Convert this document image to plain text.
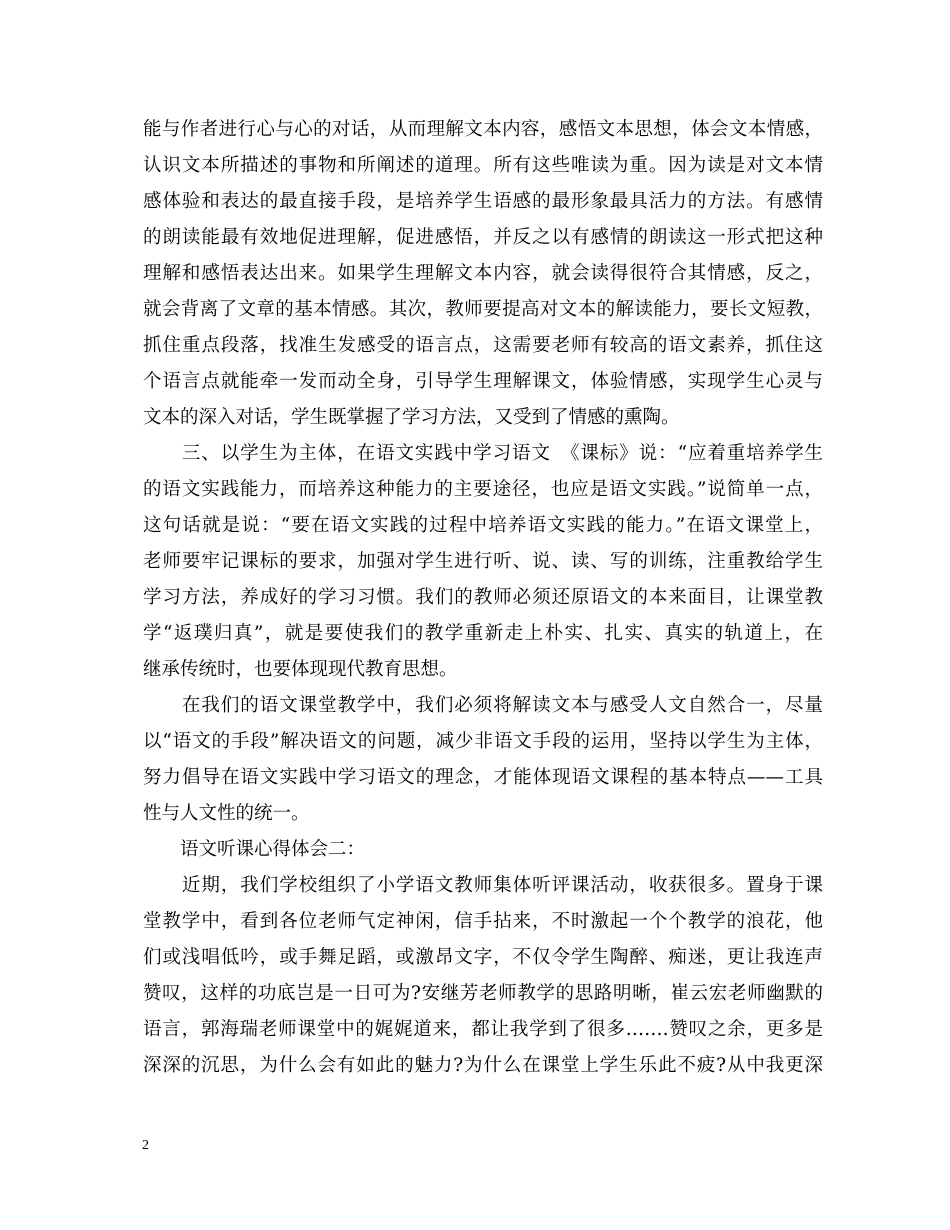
能与作者进行心与心的对话，从而理解文本内容，感悟文本思想，体会文本情感，
认识文本所描述的事物和所阐述的道理。所有这些唯读为重。因为读是对文本情
感体验和表达的最直接手段，是培养学生语感的最形象最具活力的方法。有感情
的朗读能最有效地促进理解，促进感悟，并反之以有感情的朗读这一形式把这种
理解和感悟表达出来。如果学生理解文本内容，就会读得很符合其情感，反之，
就会背离了文章的基本情感。其次，教师要提高对文本的解读能力，要长文短教，
抓住重点段落，找准生发感受的语言点，这需要老师有较高的语文素养，抓住这
个语言点就能牵一发而动全身，引导学生理解课文，体验情感，实现学生心灵与
文本的深入对话，学生既掌握了学习方法，又受到了情感的熏陶。
　　三、以学生为主体，在语文实践中学习语文　《课标》说：“应着重培养学生
的语文实践能力，而培养这种能力的主要途径，也应是语文实践。”说简单一点，
这句话就是说：“要在语文实践的过程中培养语文实践的能力。”在语文课堂上，
老师要牢记课标的要求，加强对学生进行听、说、读、写的训练，注重教给学生
学习方法，养成好的学习习惯。我们的教师必须还原语文的本来面目，让课堂教
学“返璞归真”，就是要使我们的教学重新走上朴实、扎实、真实的轨道上，在
继承传统时，也要体现现代教育思想。
　　在我们的语文课堂教学中，我们必须将解读文本与感受人文自然合一，尽量
以“语文的手段”解决语文的问题，减少非语文手段的运用，坚持以学生为主体，
努力倡导在语文实践中学习语文的理念，才能体现语文课程的基本特点——工具
性与人文性的统一。
　　语文听课心得体会二：
　　近期，我们学校组织了小学语文教师集体听评课活动，收获很多。置身于课
堂教学中，看到各位老师气定神闲，信手拈来，不时激起一个个教学的浪花，他
们或浅唱低吟，或手舞足蹈，或激昂文字，不仅令学生陶醉、痴迷，更让我连声
赞叹，这样的功底岂是一日可为?安继芳老师教学的思路明晰，崔云宏老师幽默的
语言，郭海瑞老师课堂中的娓娓道来，都让我学到了很多…….赞叹之余，更多是
深深的沉思，为什么会有如此的魅力?为什么在课堂上学生乐此不疲?从中我更深
2
